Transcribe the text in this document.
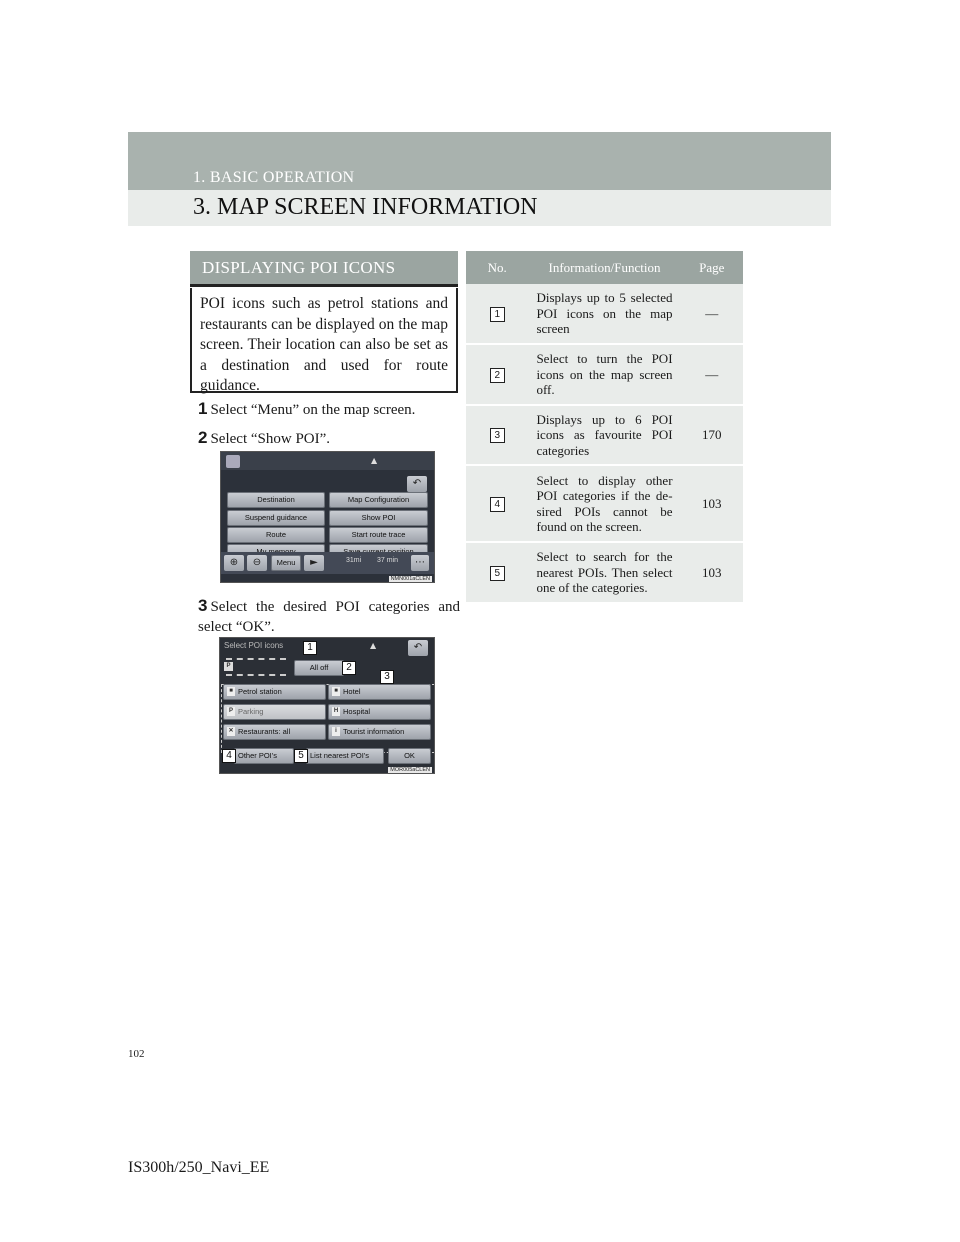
1. BASIC OPERATION
3. MAP SCREEN INFORMATION
DISPLAYING POI ICONS
POI icons such as petrol stations and restaurants can be displayed on the map screen. Their location can also be set as a destination and used for route guidance.
1 Select “Menu” on the map screen.
2 Select “Show POI”.
3 Select the desired POI categories and select “OK”.
▲
↶
Destination	Map Configuration
Suspend guidance	Show POI
Route	Start route trace
⊕	⊖	Menu	►	31mi 37 min	⋯
NMN001aCLEN
Select POI icons	▲	↶
P	All off
■ Petrol station	■ Hotel
P Parking	H Hospital
✕ Restaurants: all	i Tourist information
Other POI's	List nearest POI's	OK
1
2
3
4	5
MOR005aCLEN
No.	Information/Function	Page
1	Displays up to 5 selected POI icons on the map screen	—
2	Select to turn the POI icons on the map screen off.	—
3	Displays up to 6 POI icons as favourite POI categories	170
4	Select to display other POI categories if the de-sired POIs cannot be found on the screen.	103
5	Select to search for the nearest POIs. Then select one of the categories.	103
102
IS300h/250_Navi_EE
